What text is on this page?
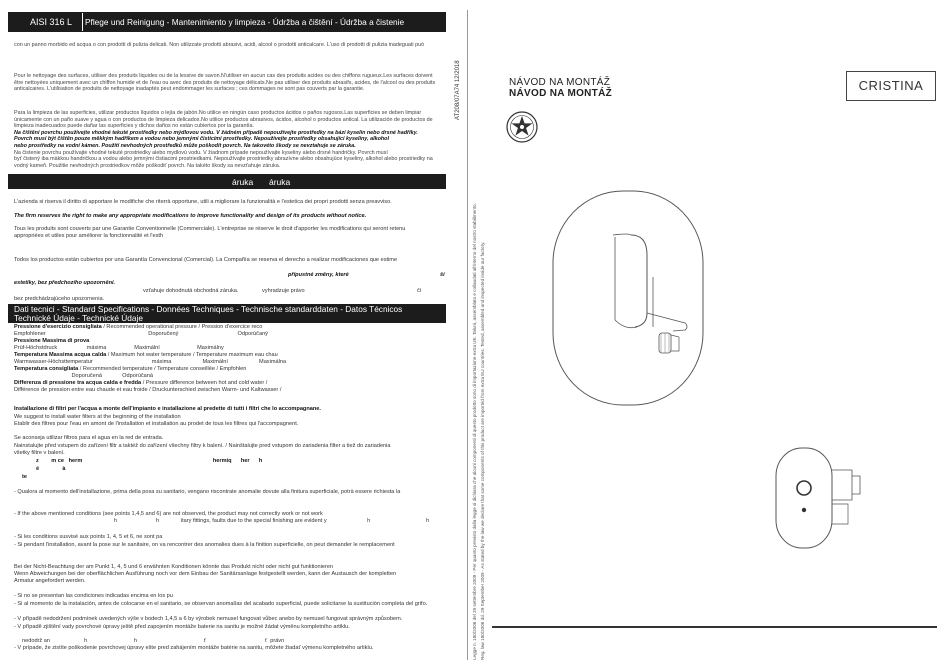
AISI 316 L	Pflege und Reinigung - Mantenimiento y limpieza - Údržba a čištění - Údržba a čistenie
con un panno morbido ed acqua o con prodotti di pulizia delicati. Non utilizzate prodotti abrasivi, acidi, alcool o prodotti anticalcare. L'uso di prodotti di pulizia inadeguati può
Pour le nettoyage des surfaces, utiliser des produits liquides ou de la lessive de savon.N'utiliser en aucun cas des produits acides ou des chiffons rugueux.Les surfaces doivent
être nettoyées uniquement avec un chiffon humide et de l'eau ou avec des produits de nettoyage délicats.Ne pas utiliser des produits abrasifs, acides, de l'alcool ou des produits
anticalcaires. L'utilisation de produits de nettoyage inadaptés peut endommager les surfaces ; ces dommages ne sont pas couverts par la garantie.
Para la limpieza de las superficies, utilizar productos líquidos o lejía de jabón.No utilice en ningún caso productos ácidos o paños rugosos.Las superficies se deben limpiar
únicamente con un paño suave y agua o con productos de limpieza delicados.No utilice productos abrasivos, ácidos, alcohol o productos antical. La utilización de productos de
limpieza inadecuados puede dañar las superficies y dichos daños no están cubiertos por la garantía.
Na čištění povrchu používejte vhodné tekuté prostředky nebo mýdlovou vodu. V žádném případě nepoužívejte prostředky na bázi kyselin nebo drsné hadříky.
Povrch musí být čištěn pouze měkkým hadříkem a vodou nebo jemnými čisticími prostředky. Nepoužívejte prostředky obsahující kyseliny, alkohol
nebo prostředky na vodní kámen. Použití nevhodných prostředků může poškodit povrch. Na takovéto škody se nevztahuje se záruka.
Na čistenie povrchu používajte vhodné tekuté prostriedky alebo mydlovú vodu. V žiadnom prípade nepoužívajte kyseliny alebo drsné handričky. Povrch musí
byť čistený iba mäkkou handričkou a vodou alebo jemnými čistiacimi prostriedkami. Nepoužívajte prostriedky abrazívne alebo obsahujúce kyseliny, alkohol alebo prostriedky na
vodný kameň. Použitie nevhodných prostriedkov môže poškodiť povrch. Na takéto škody sa nevzťahuje záruka.
áruka áruka
L'azienda si riserva il diritto di apportare le modifiche che riterrà opportune, utili a migliorare la funzionalità e l'estetica dei propri prodotti senza preavviso.
The firm reserves the right to make any appropriate modifications to improve functionality and design of its products without notice.
Tous les produits sont couverts par une Garantie Conventionnelle (Commerciale). L'entreprise se réserve le droit d'apporter les modifications qui seront retenu
appropriées et utiles pour améliorer la fonctionnalité et l'esth
Todos los productos están cubiertos por una Garantía Convencional (Comercial). La Compañía se reserva el derecho a realizar modificaciones que estime
přípustné změny, které	ší
estetiky, bez předchozího upozornění.
vzťahuje dohodnutá obchodná záruka.	vyhradzuje právo	čí
bez predchádzajúceho upozornenia.
Dati tecnici - Standard Specifications - Données Techniques - Technische standarddaten - Datos Técnicos
Technické Údaje - Technické Údaje
Pressione d'esercizio consigliata / Recommended operational pressure / Pression d'exercice reco
Empfohlener                                                                  Doporučený                                      Odporúčaný
Pressione Massima di prova
Prüf-Höchstdruck                   máxima                  Maximální                        Maximálny
Temperatura Massima acqua calda / Maximum hot water temperature / Temperature maximum eau chau
Warmwasser-Höchsttemperatur                                      máxima                    Maximální                    Maximálna
Temperatura consigliata / Recommended temperature / Temperature conseillée / Empfohlen
Doporučená             Odporúčaná
Differenza di pressione tra acqua calda e fredda / Pressure difference between hot and cold water /
Différence de pression entre eau chaude et eau froide / Druckunterschied zwischen Warm- und Kaltwasser /
Installazione di filtri per l'acqua a monte dell'impianto e installazione al predette di tutti i filtri che lo accompagnane.
We suggest to install water filters at the beginning of the installation
Etablir des filtres pour l'eau en amont de l'installation et installation au prodet de tous les filtres qui l'accompagnent.
Se aconseja utilizar filtros para el agua en la red de entrada.
Nainstalujte před vstupem do zařízení filtr a taktéž do zařízení všechny filtry k balení. / Nainštalujte pred vstupom do zariadenia filter a tiež do zariadenia
všetky filtre v balení.
z        m ce   herm                                                                                    hermiq      her      h
é               à
te
- Qualora al momento dell'installazione, prima della posa su sanitario, vengano riscontrate anomalie dovute alla finitura superficiale, potrà essere richiesta la
- If the above mentioned conditions (see points 1,4,5 and 6) are not observed, the product may not correctly work or not work
h                         h              itary fittings, faults due to the special finishing are evident y                          h                                    h
- Si les conditions susvisé aux points 1, 4, 5 et 6, ne sont pa
- Si pendant l'installation, avant la pose sur le sanitaire, on va rencontrer des anomalies dues à la finition superficielle, on peut demander le remplacement
Bei der Nicht-Beachtung der am Punkt 1, 4, 5 und 6 erwähnten Konditionen könnte das Produkt nicht oder nicht gut funktionieren
Wenn Abweichungen bei der oberflächlichen Ausführung noch vor dem Einbau der Sanitärsanlage festgestellt werden, kann der Austausch der kompletten
Armatur angefordert werden.
- Si no se presentan las condiciones indicadas encima en los pu
- Si al momento de la instalación, antes de colocarse en el sanitario, se observan anomalías del acabado superficial, puede solicitarse la sustitución completa del grifo.
- V případě nedodržení podmínek uvedených výše v bodech 1,4,5 a 6 by výrobek nemusel fungovat vůbec anebo by nemusel fungovat správným způsobem.
- V případě zjištění vady povrchové úpravy ještě před zapojením montáže baterie na sanitu je možné žádat výměnu kompletního artiklu.
nedodrž an                      h                              h                                           ť                                      ť  právn
- V prípade, že zistíte poškodenie povrchovej úpravy ešte pred zahájením montáže batérie na sanitu, môžete žiadať výmenu kompletného artiklu.
AT208/07A74 12/2018
Legge n. 180/2006 del 29 settembre 2009 - Per quanto previsto dalla legge si dichiara che alcuni componenti di questo prodotto sono di importazione extra UE. Taluni, assemblato e collaudati all'interno del nostro stabilimento. Reg. law 180/2006 dd. 29 September 2009 - As stated by the law we declare that some components of this product are imported from extra EU countries. Tested, assembled and inspected inside our factory.
NÁVOD NA MONTÁŽ
NÁVOD NA MONTÁŽ
CRISTINA
